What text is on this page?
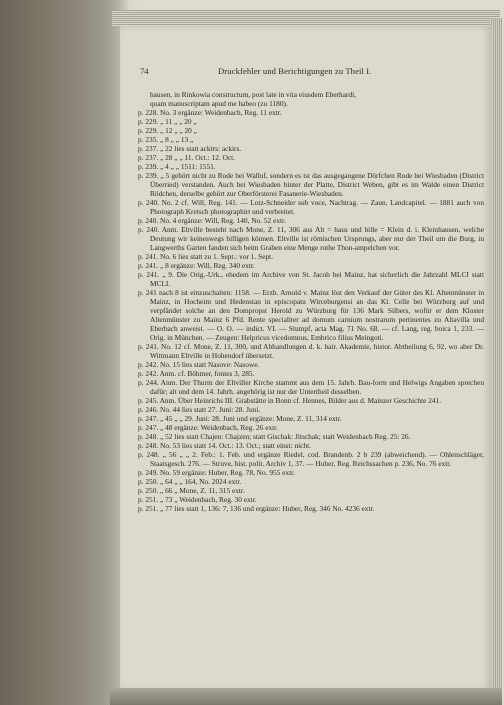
74	Druckfehler und Berichtigungen zu Theil I.

hausen, in Rinkowia constructum, post late in vita eiusdem Eberhardi,

quam manuscriptam apud me habeo (zu 1180).

p. 228. No. 3 ergänze: Weidenbach, Reg. 11 extr.

p. 229. „ 11 „ „ 20 „

p. 229. „ 12 „ „ 20 „

p. 235. „ 8 „ „ 13 „

p. 237. „ 22 lies statt acktrs: ackirs.

p. 237. „ 28 „ „ 11. Oct.: 12. Oct.

p. 239. „ 4 „ „ 1511: 1551.

p. 239. „ 5 gehört nicht zu Rode bei Walluf, sondern es ist das ausgegangene Dörfchen Rode bei Wiesbaden (District Überried) verstanden. Auch bei Wiesbaden hinter der Platte, District Weben, gibt es im Walde einen District Rödchen, derselbe gehört zur Oberförsterei Fasanerie-Wiesbaden.

p. 240. No. 2 cf. Will, Reg. 141. — Lotz-Schneider sub voce, Nachtrag. — Zaun, Landcapitel. — 1881 auch von Photograph Kretsch photographirt und verbreitet.

p. 240. No. 4 ergänze: Will, Reg. 140, No. 52 extr.

p. 240. Anm. Eltville besteht nach Mone, Z. 11, 306 aus Alt = haus und bille = Klein d. i. Kleinhausen, welche Deutung wir keineswegs billigen können. Eltville ist römischen Ursprungs, aber nur der Theil um die Burg, in Langwerths Garten fanden sich beim Graben eine Menge rothe Thon-ampelchen vor.

p. 241. No. 6 lies statt zu 1. Sept.: vor 1. Sept.

p. 241. „ 8 ergänze: Will, Reg. 340 extr.

p. 241. „ 9. Die Orig.-Urk., ehedem im Archive von St. Jacob bei Mainz, hat sicherlich die Jahrzahl MLCI statt MCLI.

p. 241 nach 8 ist einzuschalten: 1158. — Erzb. Arnold v. Mainz löst den Verkauf der Güter des Kl. Altenmünster in Mainz, in Hocheim und Hedenstan in episcopatu Wirceburgensi an das Kl. Celle bei Würzburg auf und verpfändet solche an den Dompropst Herold zu Würzburg für 136 Mark Silbers, wofür er dem Kloster Altenmünster zu Mainz 6 Pfd. Rente specialiter ad domum carnium nostrarum pertinentes zu Altavilla und Eberbach anweist. — O. O. — indict. VI. — Stumpf, acta Mag. 71 No. 68. — cf. Lang, reg. boica 1, 233. — Orig. in München. — Zeugen: Helpricus vicedomnus, Embrico filius Meingoti.

p. 241. No. 12 cf. Mone, Z. 11, 300, und Abhandlungen d. k. bair. Akademie, histor. Abtheilung 6, 92, wo aber Dr. Wittmann Eltville in Hohendorf übersetzt.

p. 242. No. 15 lies statt Nasove: Nasowe.

p. 242. Anm. cf. Böhmer, fontes 3, 285.

p. 244. Anm. Der Thurm der Eltviller Kirche stammt aus dem 15. Jahrh. Bau-form und Helwigs Angaben sprechen dafür; alt und dem 14. Jahrh. angehörig ist nur der Untertheil desselben.

p. 245. Anm. Über Heinrichs III. Grabstätte in Bonn cf. Hennes, Bilder aus d. Mainzer Geschichte 241.

p. 246. No. 44 lies statt 27. Juni: 28. Juni.

p. 247. „ 45 „ „ 29. Juni: 28. Juni und ergänze: Mone, Z. 11, 314 extr.

p. 247. „ 48 ergänze: Weidenbach, Reg. 26 extr.

p. 248. „ 52 lies statt Chajen: Chajzen; statt Gischak: Jitschak; statt Weidenbach Reg. 25: 26.

p. 248. No. 53 lies statt 14. Oct.: 13. Oct.; statt einst: nicht.

p. 248. „ 56 „ „ 2. Feb.: 1. Feb. und ergänze Riedel, cod. Brandenb. 2 b 239 (abweichend). — Ohlenschläger, Staatsgesch. 276. — Struve, hist. polit. Archiv 1, 37. — Huber, Reg. Reichssachen p. 236, No. 76 extr.

p. 249. No. 59 ergänze: Huber, Reg. 78, No. 955 extr.

p. 250. „ 64 „ „ 164, No. 2024 extr.

p. 250. „ 66 „ Mone, Z. 11, 315 extr.

p. 251. „ 73 „ Weidenbach, Reg. 30 extr.

p. 251. „ 77 lies statt 1, 136: 7, 136 und ergänze: Huber, Reg. 346 No. 4236 extr.
